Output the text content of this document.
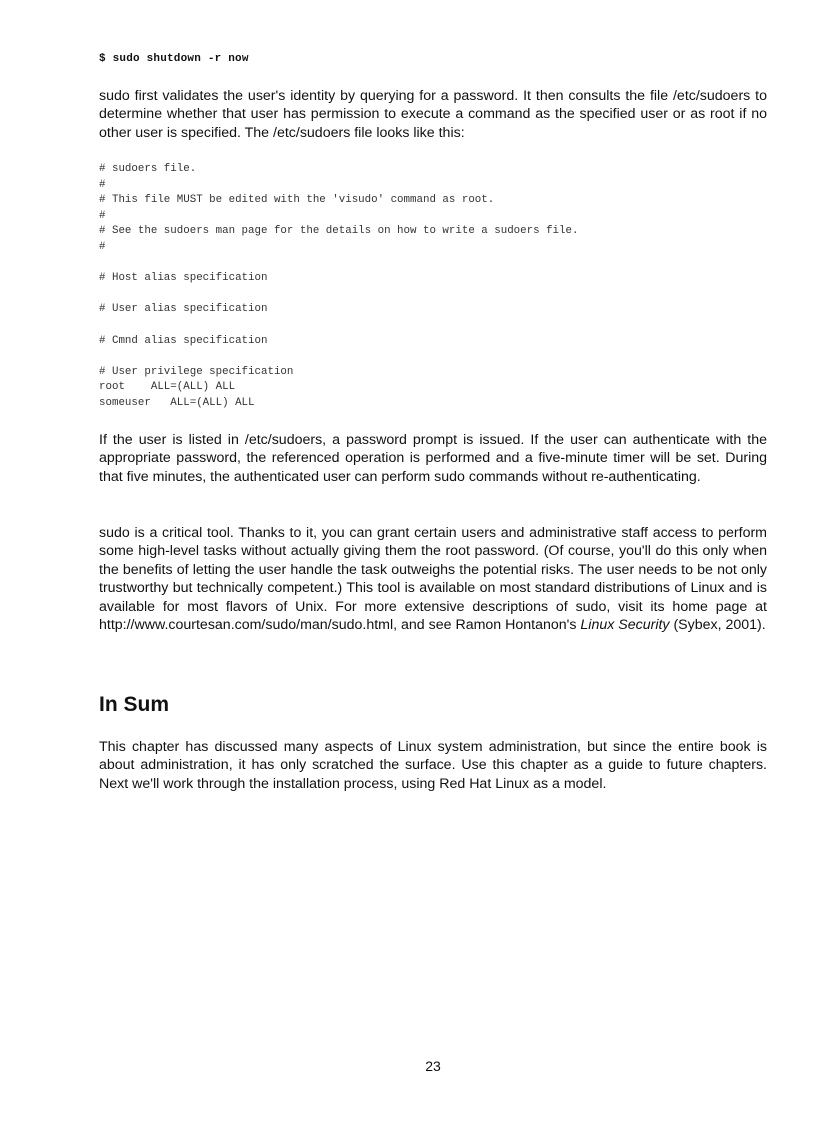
$ sudo shutdown -r now

sudo first validates the user's identity by querying for a password. It then consults the file /etc/sudoers to determine whether that user has permission to execute a command as the specified user or as root if no other user is specified. The /etc/sudoers file looks like this:

# sudoers file.
#
# This file MUST be edited with the 'visudo' command as root.
#
# See the sudoers man page for the details on how to write a sudoers file.
#
# Host alias specification
# User alias specification
# Cmnd alias specification
# User privilege specification
root    ALL=(ALL) ALL
someuser   ALL=(ALL) ALL

If the user is listed in /etc/sudoers, a password prompt is issued. If the user can authenticate with the appropriate password, the referenced operation is performed and a five-minute timer will be set. During that five minutes, the authenticated user can perform sudo commands without re-authenticating.

sudo is a critical tool. Thanks to it, you can grant certain users and administrative staff access to perform some high-level tasks without actually giving them the root password. (Of course, you'll do this only when the benefits of letting the user handle the task outweighs the potential risks. The user needs to be not only trustworthy but technically competent.) This tool is available on most standard distributions of Linux and is available for most flavors of Unix. For more extensive descriptions of sudo, visit its home page at http://www.courtesan.com/sudo/man/sudo.html, and see Ramon Hontanon's Linux Security (Sybex, 2001).

In Sum

This chapter has discussed many aspects of Linux system administration, but since the entire book is about administration, it has only scratched the surface. Use this chapter as a guide to future chapters. Next we'll work through the installation process, using Red Hat Linux as a model.

23
